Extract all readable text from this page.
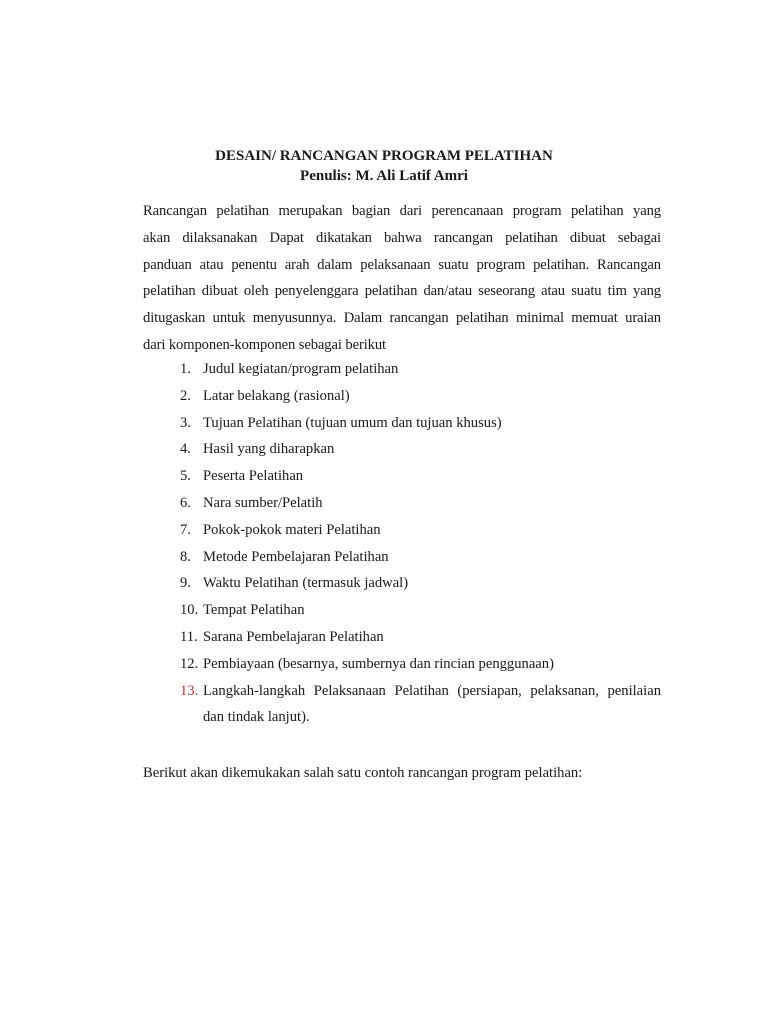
DESAIN/ RANCANGAN PROGRAM PELATIHAN

Penulis: M. Ali Latif Amri

Rancangan pelatihan merupakan bagian dari perencanaan program pelatihan yang
akan dilaksanakan Dapat dikatakan bahwa rancangan pelatihan dibuat sebagai
panduan atau penentu arah dalam pelaksanaan suatu program pelatihan. Rancangan
pelatihan dibuat oleh penyelenggara pelatihan dan/atau seseorang atau suatu tim yang
ditugaskan untuk menyusunnya. Dalam rancangan pelatihan minimal memuat uraian
dari komponen-komponen sebagai berikut

1. Judul kegiatan/program pelatihan
2. Latar belakang (rasional)
3. Tujuan Pelatihan (tujuan umum dan tujuan khusus)
4. Hasil yang diharapkan
5. Peserta Pelatihan
6. Nara sumber/Pelatih
7. Pokok-pokok materi Pelatihan
8. Metode Pembelajaran Pelatihan
9. Waktu Pelatihan (termasuk jadwal)
10. Tempat Pelatihan
11. Sarana Pembelajaran Pelatihan
12. Pembiayaan (besarnya, sumbernya dan rincian penggunaan)
13. Langkah-langkah Pelaksanaan Pelatihan (persiapan, pelaksanan, penilaian
dan tindak lanjut).

Berikut akan dikemukakan salah satu contoh rancangan program pelatihan:
